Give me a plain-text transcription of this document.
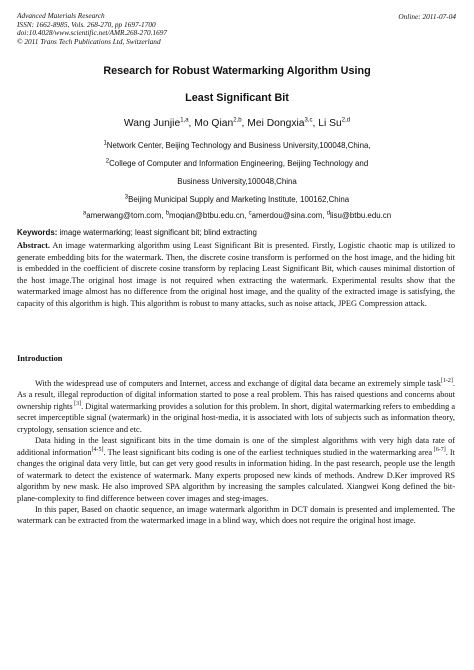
Advanced Materials Research
ISSN: 1662-8985, Vols. 268-270, pp 1697-1700
doi:10.4028/www.scientific.net/AMR.268-270.1697
© 2011 Trans Tech Publications Ltd, Switzerland
Online: 2011-07-04
Research for Robust Watermarking Algorithm Using
Least Significant Bit
Wang Junjie$^{1,a}$, Mo Qian$^{2,b}$, Mei Dongxia$^{3,c}$, Li Su$^{2,d}$
$^1$Network Center, Beijing Technology and Business University,100048,China,
$^2$College of Computer and Information Engineering, Beijing Technology and
Business University,100048,China
$^3$Beijing Municipal Supply and Marketing Institute, 100162,China
$^a$amerwang@tom.com, $^b$moqian@btbu.edu.cn, $^c$amerdou@sina.com, $^d$lisu@btbu.edu.cn
Keywords: image watermarking; least significant bit; blind extracting
Abstract. An image watermarking algorithm using Least Significant Bit is presented. Firstly, Logistic chaotic map is utilized to generate embedding bits for the watermark. Then, the discrete cosine transform is performed on the host image, and the hiding bit is embedded in the coefficient of discrete cosine transform by replacing Least Significant Bit, which causes minimal distortion of the host image.The original host image is not required when extracting the watermark. Experimental results show that the watermarked image almost has no difference from the original host image, and the quality of the extracted image is satisfying, the capacity of this algorithm is high. This algorithm is robust to many attacks, such as noise attack, JPEG Compression attack.
Introduction

With the widespread use of computers and Internet, access and exchange of digital data became an extremely simple task[1-2]. As a result, illegal reproduction of digital information started to pose a real problem. This has raised questions and concerns about ownership rights [3]. Digital watermarking provides a solution for this problem. In short, digital watermarking refers to embedding a secret imperceptible signal (watermark) in the original host-media, it is associated with lots of subjects such as information theory, cryptology, sensation science and etc.

Data hiding in the least significant bits in the time domain is one of the simplest algorithms with very high data rate of additional information[4-5]. The least significant bits coding is one of the earliest techniques studied in the watermarking area [6-7]. It changes the original data very little, but can get very good results in information hiding. In the past research, people use the length of watermark to detect the existence of watermark. Many experts proposed new kinds of methods. Andrew D.Ker improved RS algorithm by new mask. He also improved SPA algorithm by increasing the samples calculated. Xiangwei Kong defined the bit-plane-complexity to find difference between cover images and steg-images.

In this paper, Based on chaotic sequence, an image watermark algorithm in DCT domain is presented and implemented. The watermark can be extracted from the watermarked image in a blind way, which does not require the original host image.
